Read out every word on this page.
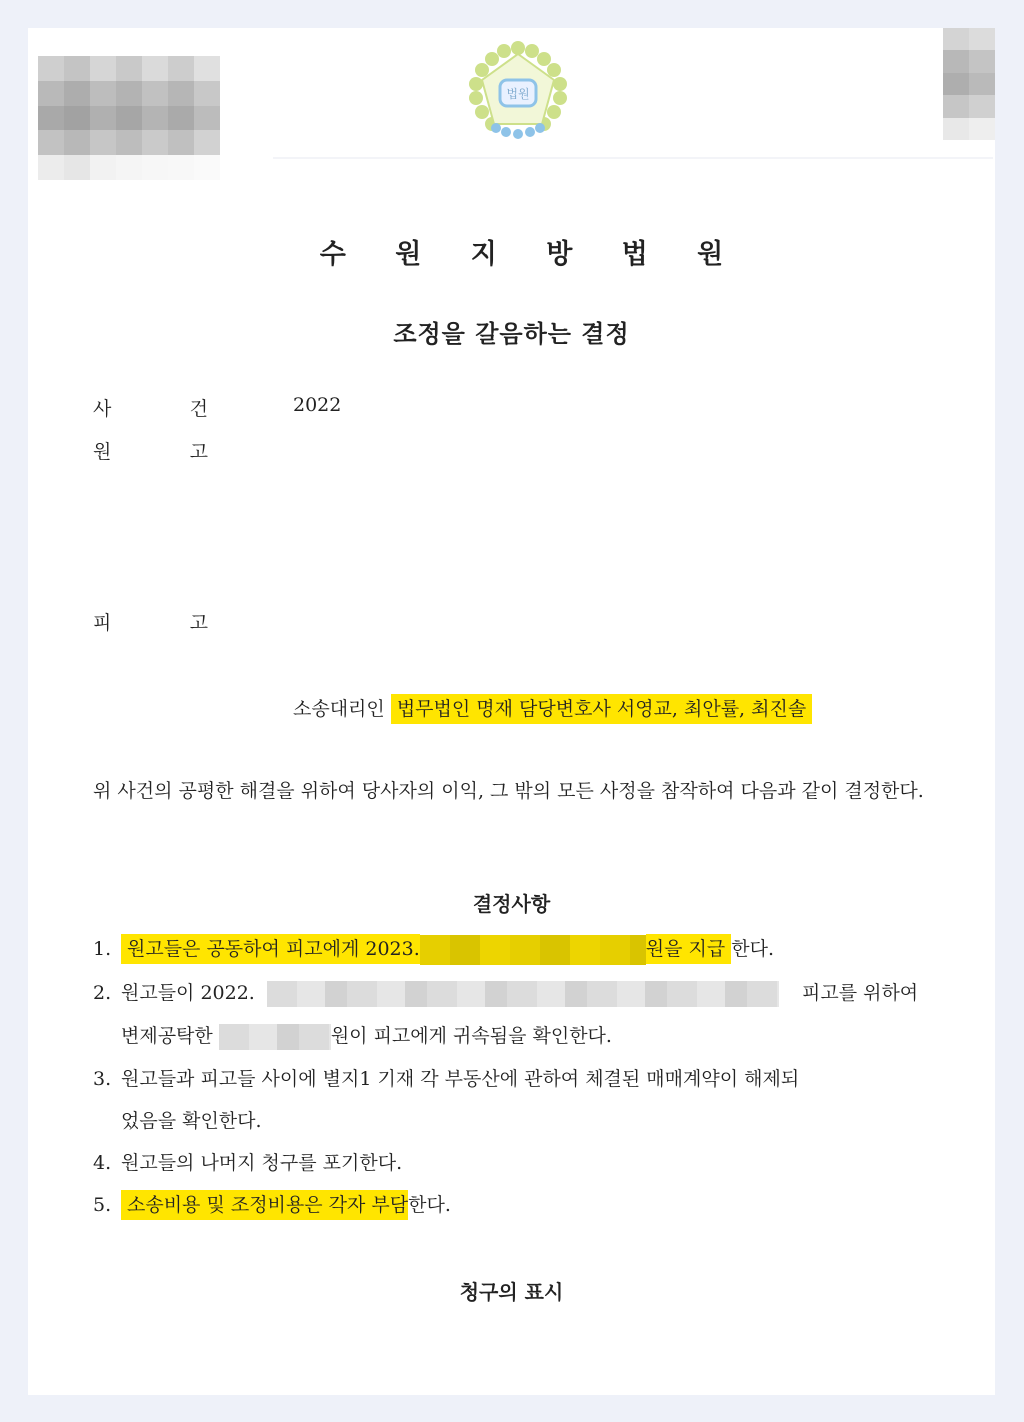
법원
수 원 지 방 법 원
조정을 갈음하는 결정
사 건	2022
원 고
피 고
소송대리인 법무법인 명재 담당변호사 서영교, 최안률, 최진솔
위 사건의 공평한 해결을 위하여 당사자의 이익, 그 밖의 모든 사정을 참작하여 다음과 같이 결정한다.
결정사항
1. 원고들은 공동하여 피고에게 2023.	원을 지급 한다.
2. 원고들이 2022.	피고를 위하여
변제공탁한	원이 피고에게 귀속됨을 확인한다.
3. 원고들과 피고들 사이에 별지1 기재 각 부동산에 관하여 체결된 매매계약이 해제되
었음을 확인한다.
4. 원고들의 나머지 청구를 포기한다.
5. 소송비용 및 조정비용은 각자 부담한다.
청구의 표시
